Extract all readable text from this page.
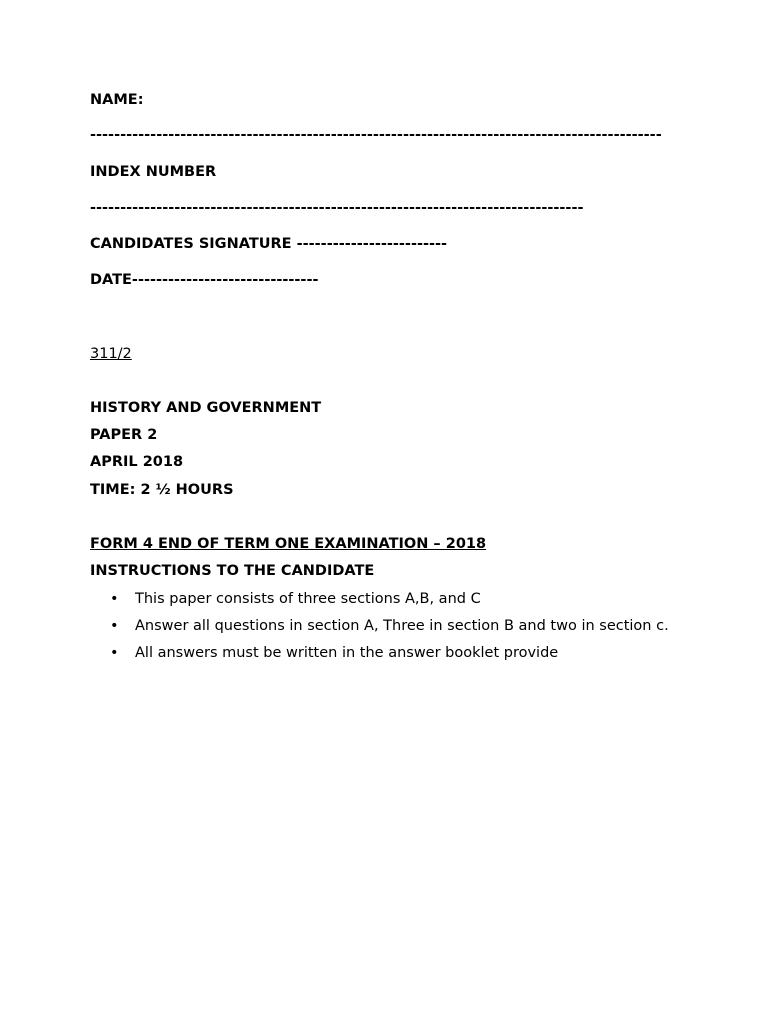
NAME:
-----------------------------------------------------------------------------------------------
INDEX NUMBER
----------------------------------------------------------------------------------
CANDIDATES SIGNATURE -------------------------
DATE-------------------------------
311/2
HISTORY AND GOVERNMENT
PAPER 2
APRIL 2018
TIME: 2 ½ HOURS
FORM 4 END OF TERM ONE EXAMINATION – 2018
INSTRUCTIONS TO THE CANDIDATE
• This paper consists of three sections A,B, and C
• Answer all questions in section A, Three in section B and two in section c.
• All answers must be written in the answer booklet provide
